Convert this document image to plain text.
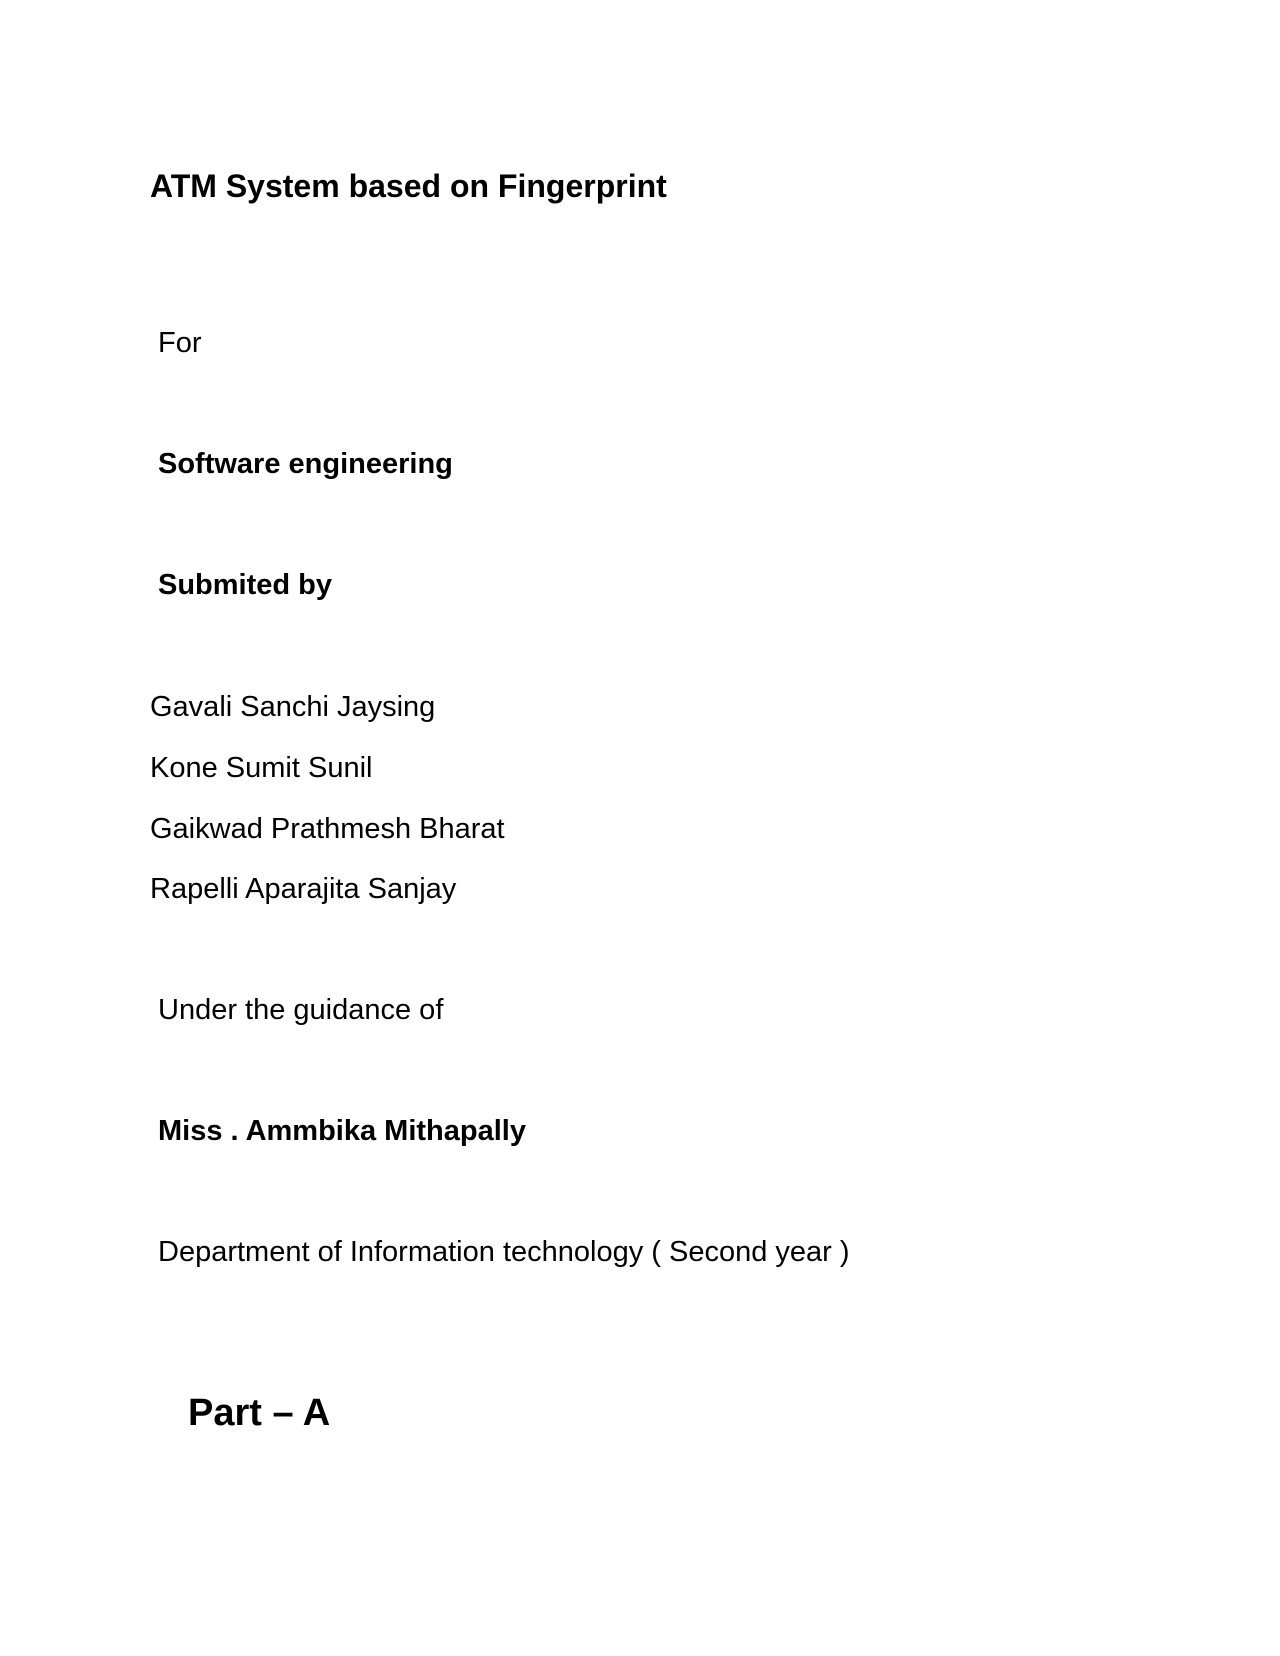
ATM System based on Fingerprint
For
Software engineering
Submited by
Gavali Sanchi Jaysing
Kone Sumit Sunil
Gaikwad Prathmesh Bharat
Rapelli Aparajita Sanjay
Under the guidance of
Miss . Ammbika Mithapally
Department of Information technology ( Second year )
Part – A
